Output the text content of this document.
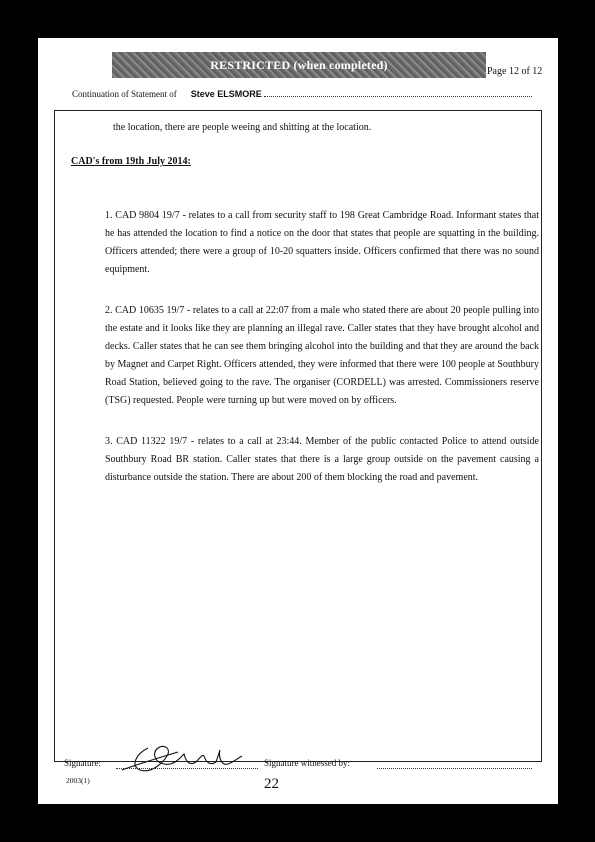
RESTRICTED (when completed)	Page 12 of 12
Continuation of Statement of Steve ELSMORE
the location, there are people weeing and shitting at the location.
CAD's from 19th July 2014:
1. CAD 9804 19/7 - relates to a call from security staff to 198 Great Cambridge Road. Informant states that he has attended the location to find a notice on the door that states that people are squatting in the building. Officers attended; there were a group of 10-20 squatters inside. Officers confirmed that there was no sound equipment.
2. CAD 10635 19/7 - relates to a call at 22:07 from a male who stated there are about 20 people pulling into the estate and it looks like they are planning an illegal rave. Caller states that they have brought alcohol and decks. Caller states that he can see them bringing alcohol into the building and that they are around the back by Magnet and Carpet Right. Officers attended, they were informed that there were 100 people at Southbury Road Station, believed going to the rave. The organiser (CORDELL) was arrested. Commissioners reserve (TSG) requested. People were turning up but were moved on by officers.
3. CAD 11322 19/7 - relates to a call at 23:44. Member of the public contacted Police to attend outside Southbury Road BR station. Caller states that there is a large group outside on the pavement causing a disturbance outside the station. There are about 200 of them blocking the road and pavement.
Signature:	Signature witnessed by:
2003(1)	22
